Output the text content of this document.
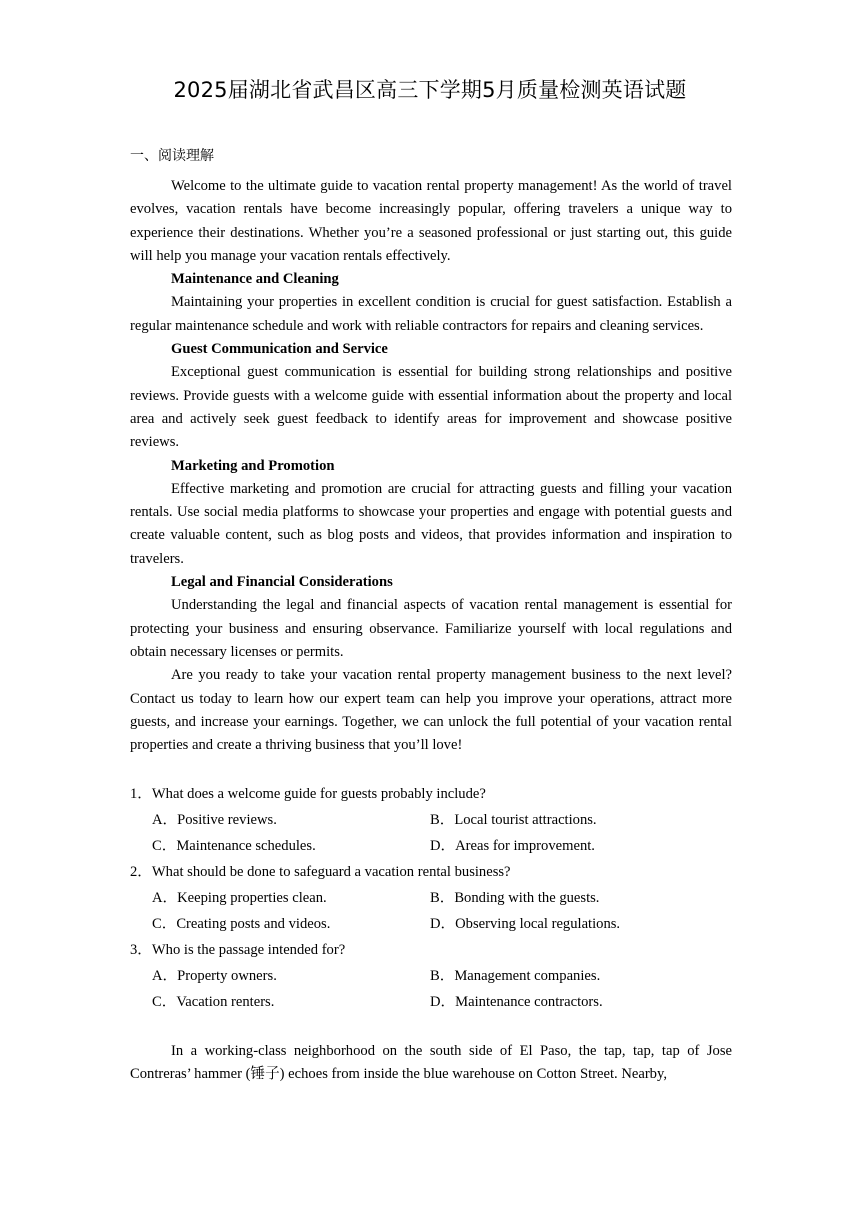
2025届湖北省武昌区高三下学期5月质量检测英语试题
一、阅读理解

Welcome to the ultimate guide to vacation rental property management! As the world of travel evolves, vacation rentals have become increasingly popular, offering travelers a unique way to experience their destinations. Whether you’re a seasoned professional or just starting out, this guide will help you manage your vacation rentals effectively.

Maintenance and Cleaning

Maintaining your properties in excellent condition is crucial for guest satisfaction. Establish a regular maintenance schedule and work with reliable contractors for repairs and cleaning services.

Guest Communication and Service

Exceptional guest communication is essential for building strong relationships and positive reviews. Provide guests with a welcome guide with essential information about the property and local area and actively seek guest feedback to identify areas for improvement and showcase positive reviews.

Marketing and Promotion

Effective marketing and promotion are crucial for attracting guests and filling your vacation rentals. Use social media platforms to showcase your properties and engage with potential guests and create valuable content, such as blog posts and videos, that provides information and inspiration to travelers.

Legal and Financial Considerations

Understanding the legal and financial aspects of vacation rental management is essential for protecting your business and ensuring observance. Familiarize yourself with local regulations and obtain necessary licenses or permits.

Are you ready to take your vacation rental property management business to the next level? Contact us today to learn how our expert team can help you improve your operations, attract more guests, and increase your earnings. Together, we can unlock the full potential of your vacation rental properties and create a thriving business that you’ll love!

1．What does a welcome guide for guests probably include?
A．Positive reviews.	B．Local tourist attractions.
C．Maintenance schedules.	D．Areas for improvement.
2．What should be done to safeguard a vacation rental business?
A．Keeping properties clean.	B．Bonding with the guests.
C．Creating posts and videos.	D．Observing local regulations.
3．Who is the passage intended for?
A．Property owners.	B．Management companies.
C．Vacation renters.	D．Maintenance contractors.

In a working-class neighborhood on the south side of El Paso, the tap, tap, tap of Jose Contreras’ hammer (锤子) echoes from inside the blue warehouse on Cotton Street. Nearby,
